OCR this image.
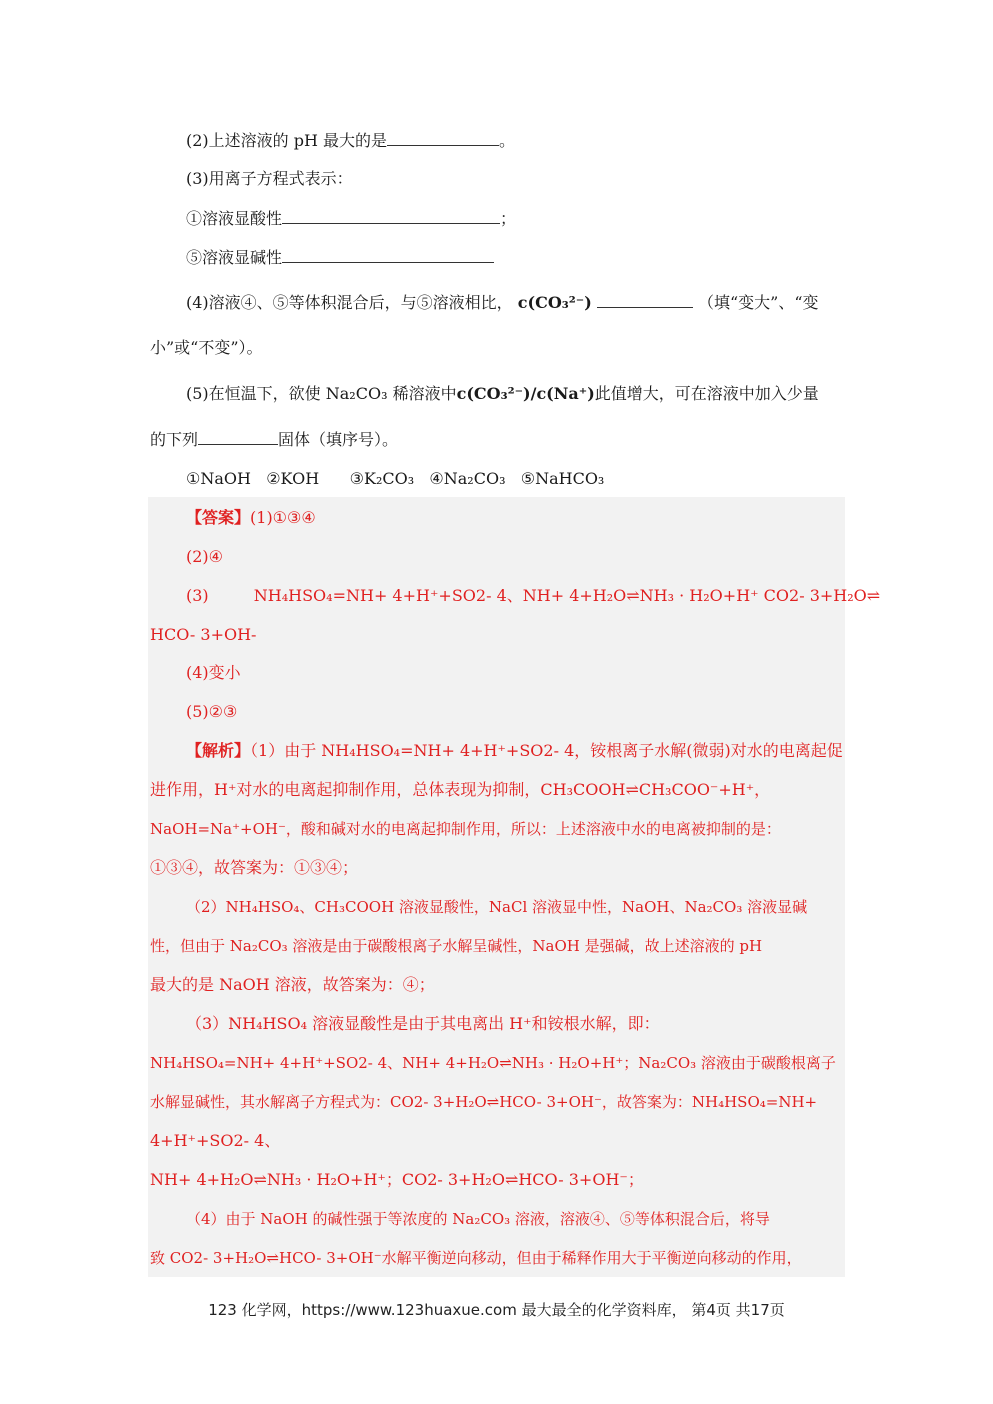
(2)上述溶液的 pH 最大的是	。
(3)用离子方程式表示：
①溶液显酸性	；
⑤溶液显碱性
(4)溶液④、⑤等体积混合后，与⑤溶液相比， c(CO₃²⁻)	（填“变大”、“变
小”或“不变”）。
(5)在恒温下，欲使 Na₂CO₃ 稀溶液中c(CO₃²⁻)/c(Na⁺)此值增大，可在溶液中加入少量
的下列	固体（填序号）。
①NaOH   ②KOH      ③K₂CO₃   ④Na₂CO₃   ⑤NaHCO₃
【答案】(1)①③④
(2)④
(3)	NH₄HSO₄=NH+ 4+H⁺+SO2- 4、NH+ 4+H₂O⇌NH₃ · H₂O+H⁺ CO2- 3+H₂O⇌
HCO- 3+OH-
(4)变小
(5)②③
【解析】（1）由于 NH₄HSO₄=NH+ 4+H⁺+SO2- 4，铵根离子水解(微弱)对水的电离起促
进作用，H⁺对水的电离起抑制作用，总体表现为抑制，CH₃COOH⇌CH₃COO⁻+H⁺，
NaOH=Na⁺+OH⁻，酸和碱对水的电离起抑制作用，所以：上述溶液中水的电离被抑制的是：
①③④，故答案为：①③④；
（2）NH₄HSO₄、CH₃COOH 溶液显酸性，NaCl 溶液显中性，NaOH、Na₂CO₃ 溶液显碱
性，但由于 Na₂CO₃ 溶液是由于碳酸根离子水解呈碱性，NaOH 是强碱，故上述溶液的 pH
最大的是 NaOH 溶液，故答案为：④；
（3）NH₄HSO₄ 溶液显酸性是由于其电离出 H⁺和铵根水解，即：
NH₄HSO₄=NH+ 4+H⁺+SO2- 4、NH+ 4+H₂O⇌NH₃ · H₂O+H⁺；Na₂CO₃ 溶液由于碳酸根离子
水解显碱性，其水解离子方程式为：CO2- 3+H₂O⇌HCO- 3+OH⁻，故答案为：NH₄HSO₄=NH+
4+H⁺+SO2- 4、
NH+ 4+H₂O⇌NH₃ · H₂O+H⁺；CO2- 3+H₂O⇌HCO- 3+OH⁻；
（4）由于 NaOH 的碱性强于等浓度的 Na₂CO₃ 溶液，溶液④、⑤等体积混合后，将导
致 CO2- 3+H₂O⇌HCO- 3+OH⁻水解平衡逆向移动，但由于稀释作用大于平衡逆向移动的作用，
123 化学网，https://www.123huaxue.com 最大最全的化学资料库， 第4页 共17页
